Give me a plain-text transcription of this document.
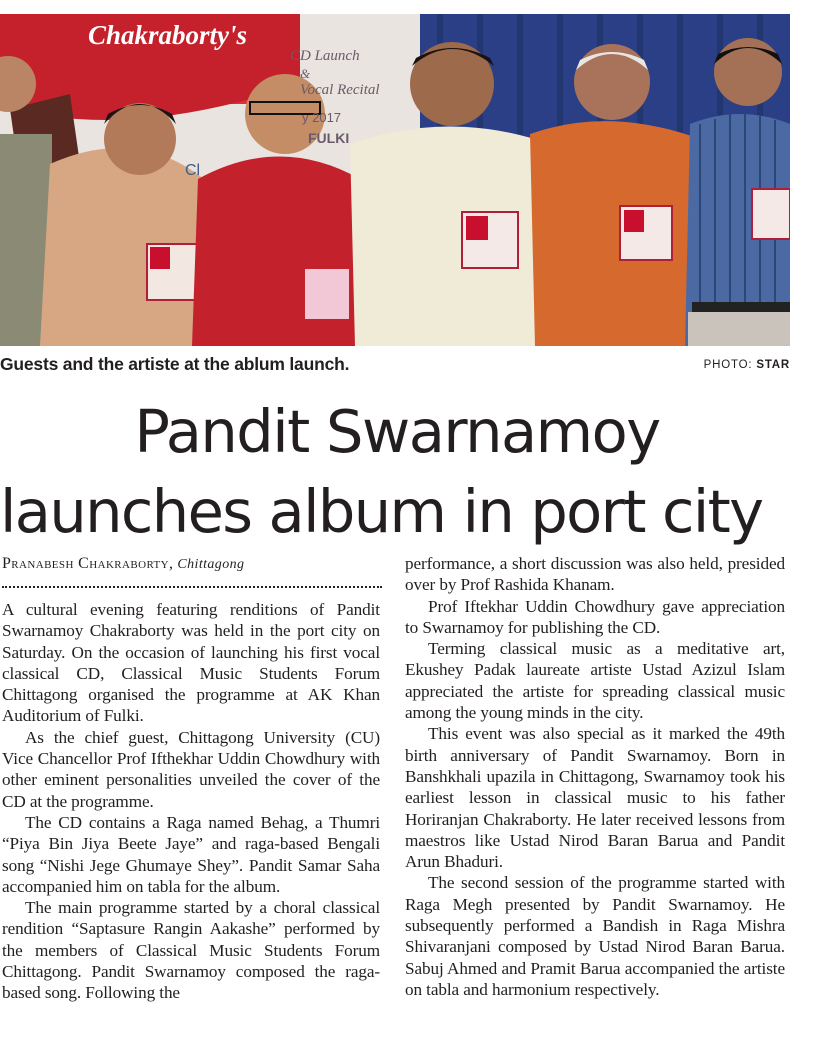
Chakraborty's
CD Launch
&
Vocal Recital
y 2017
FULKI
Cl
Guests and the artiste at the ablum launch.	PHOTO: STAR
Pandit Swarnamoy
launches album in port city
Pranabesh Chakraborty, Chittagong

A cultural evening featuring renditions of Pandit Swarnamoy Chakraborty was held in the port city on Saturday. On the occasion of launching his first vocal classical CD, Classical Music Students Forum Chittagong organised the programme at AK Khan Auditorium of Fulki.

As the chief guest, Chittagong University (CU) Vice Chancellor Prof Ifthekhar Uddin Chowdhury with other eminent personalities unveiled the cover of the CD at the programme.

The CD contains a Raga named Behag, a Thumri “Piya Bin Jiya Beete Jaye” and raga-based Bengali song “Nishi Jege Ghumaye Shey”. Pandit Samar Saha accompanied him on tabla for the album.

The main programme started by a choral classical rendition “Saptasure Rangin Aakashe” performed by the members of Classical Music Students Forum Chittagong. Pandit Swarnamoy composed the raga-based song. Following the

performance, a short discussion was also held, presided over by Prof Rashida Khanam.

Prof Iftekhar Uddin Chowdhury gave appreciation to Swarnamoy for publishing the CD.

Terming classical music as a meditative art, Ekushey Padak laureate artiste Ustad Azizul Islam appreciated the artiste for spreading classical music among the young minds in the city.

This event was also special as it marked the 49th birth anniversary of Pandit Swarnamoy. Born in Banshkhali upazila in Chittagong, Swarnamoy took his earliest lesson in classical music to his father Horiranjan Chakraborty. He later received lessons from maestros like Ustad Nirod Baran Barua and Pandit Arun Bhaduri.

The second session of the programme started with Raga Megh presented by Pandit Swarnamoy. He subsequently performed a Bandish in Raga Mishra Shivaranjani composed by Ustad Nirod Baran Barua. Sabuj Ahmed and Pramit Barua accompanied the artiste on tabla and harmonium respectively.
